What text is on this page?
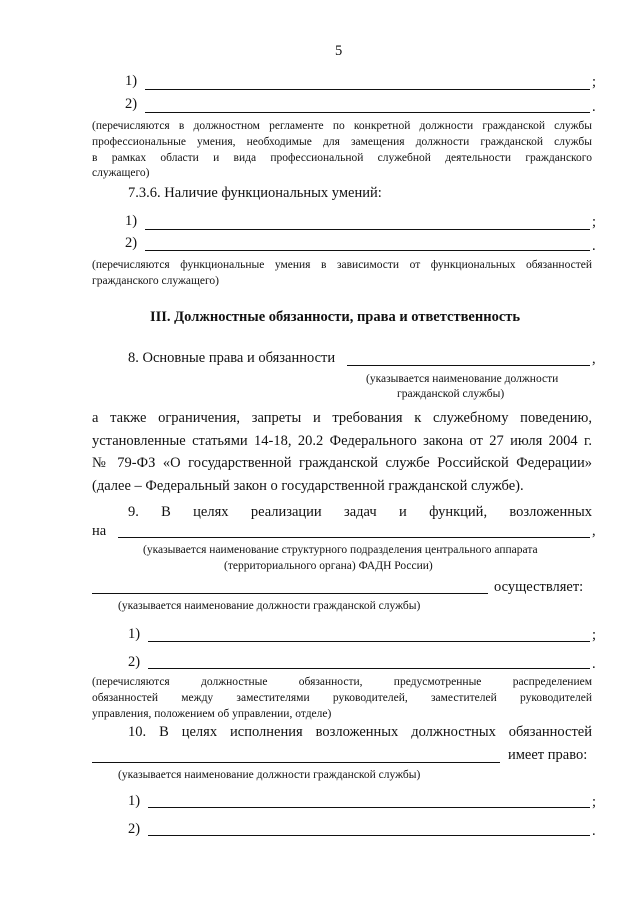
5
1)	;
2)	.
(перечисляются в должностном регламенте по конкретной должности гражданской службы
профессиональные умения, необходимые для замещения должности гражданской службы
в рамках области и вида профессиональной служебной деятельности гражданского
служащего)
7.3.6. Наличие функциональных умений:
1)	;
2)	.
(перечисляются функциональные умения в зависимости от функциональных обязанностей
гражданского служащего)
III. Должностные обязанности, права и ответственность
8. Основные права и обязанности	,
(указывается наименование должности
гражданской службы)
а также ограничения, запреты и требования к служебному поведению,
установленные статьями 14-18, 20.2 Федерального закона от 27 июля 2004 г.
№ 79-ФЗ «О государственной гражданской службе Российской Федерации»
(далее – Федеральный закон о государственной гражданской службе).
9. В целях реализации задач и функций, возложенных
на	,
(указывается наименование структурного подразделения центрального аппарата
(территориального органа) ФАДН России)
осуществляет:
(указывается наименование должности гражданской службы)
1)	;
2)	.
(перечисляются должностные обязанности, предусмотренные распределением
обязанностей между заместителями руководителей, заместителей руководителей
управления, положением об управлении, отделе)
10. В целях исполнения возложенных должностных обязанностей
имеет право:
(указывается наименование должности гражданской службы)
1)	;
2)	.
